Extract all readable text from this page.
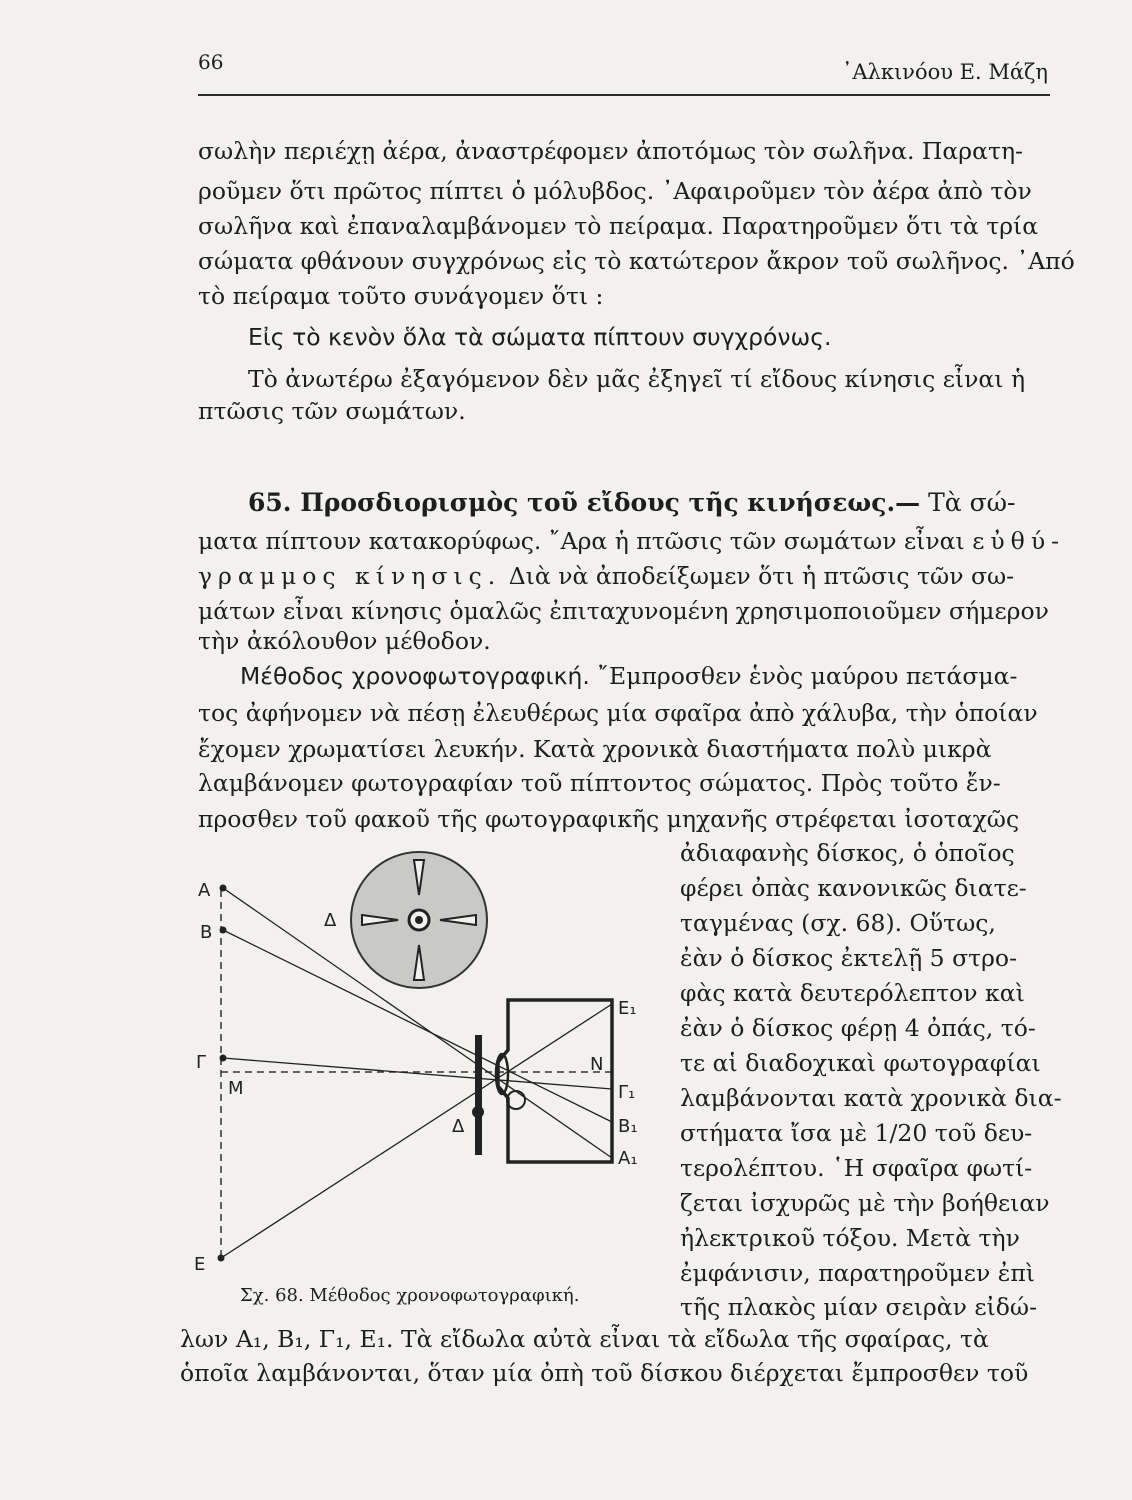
66	᾽Αλκινόου Ε. Μάζη
σωλὴν περιέχῃ ἀέρα, ἀναστρέφομεν ἀποτόμως τὸν σωλῆνα. Παρατη-
ροῦμεν ὅτι πρῶτος πίπτει ὁ μόλυβδος. ᾽Αφαιροῦμεν τὸν ἀέρα ἀπὸ τὸν
σωλῆνα καὶ ἐπαναλαμβάνομεν τὸ πείραμα. Παρατηροῦμεν ὅτι τὰ τρία
σώματα φθάνουν συγχρόνως εἰς τὸ κατώτερον ἄκρον τοῦ σωλῆνος. ᾽Από
τὸ πείραμα τοῦτο συνάγομεν ὅτι :
Εἰς τὸ κενὸν ὅλα τὰ σώματα πίπτουν συγχρόνως.
Τὸ ἀνωτέρω ἐξαγόμενον δὲν μᾶς ἐξηγεῖ τί εἴδους κίνησις εἶναι ἡ
πτῶσις τῶν σωμάτων.
65. Προσδιορισμὸς τοῦ εἴδους τῆς κινήσεως.— Τὰ σώ-
ματα πίπτουν κατακορύφως. ῎Αρα ἡ πτῶσις τῶν σωμάτων εἶναι εὐθύ-
γραμμος κίνησις. Διὰ νὰ ἀποδείξωμεν ὅτι ἡ πτῶσις τῶν σω-
μάτων εἶναι κίνησις ὁμαλῶς ἐπιταχυνομένη χρησιμοποιοῦμεν σήμερον
τὴν ἀκόλουθον μέθοδον.
Μέθοδος χρονοφωτογραφική. ῎Εμπροσθεν ἑνὸς μαύρου πετάσμα-
τος ἀφήνομεν νὰ πέσῃ ἐλευθέρως μία σφαῖρα ἀπὸ χάλυβα, τὴν ὁποίαν
ἔχομεν χρωματίσει λευκήν. Κατὰ χρονικὰ διαστήματα πολὺ μικρὰ
λαμβάνομεν φωτογραφίαν τοῦ πίπτοντος σώματος. Πρὸς τοῦτο ἔν-
προσθεν τοῦ φακοῦ τῆς φωτογραφικῆς μηχανῆς στρέφεται ἰσοταχῶς
ἀδιαφανὴς δίσκος, ὁ ὁποῖος
φέρει ὀπὰς κανονικῶς διατε-
ταγμένας (σχ. 68). Οὕτως,
ἐὰν ὁ δίσκος ἐκτελῇ 5 στρο-
φὰς κατὰ δευτερόλεπτον καὶ
ἐὰν ὁ δίσκος φέρῃ 4 ὀπάς, τό-
τε αἱ διαδοχικαὶ φωτογραφίαι
λαμβάνονται κατὰ χρονικὰ δια-
στήματα ἴσα μὲ 1/20 τοῦ δευ-
τερολέπτου. ῾Η σφαῖρα φωτί-
ζεται ἰσχυρῶς μὲ τὴν βοήθειαν
ἠλεκτρικοῦ τόξου. Μετὰ τὴν
ἐμφάνισιν, παρατηροῦμεν ἐπὶ
τῆς πλακὸς μίαν σειρὰν εἰδώ-
Α
Β
Γ
Μ
Ε
Δ
Δ
Ε₁
Ν
Γ₁
Β₁
Α₁
Σχ. 68. Μέθοδος χρονοφωτογραφική.
λων Α₁, Β₁, Γ₁, Ε₁. Τὰ εἴδωλα αὐτὰ εἶναι τὰ εἴδωλα τῆς σφαίρας, τὰ
ὁποῖα λαμβάνονται, ὅταν μία ὀπὴ τοῦ δίσκου διέρχεται ἔμπροσθεν τοῦ
